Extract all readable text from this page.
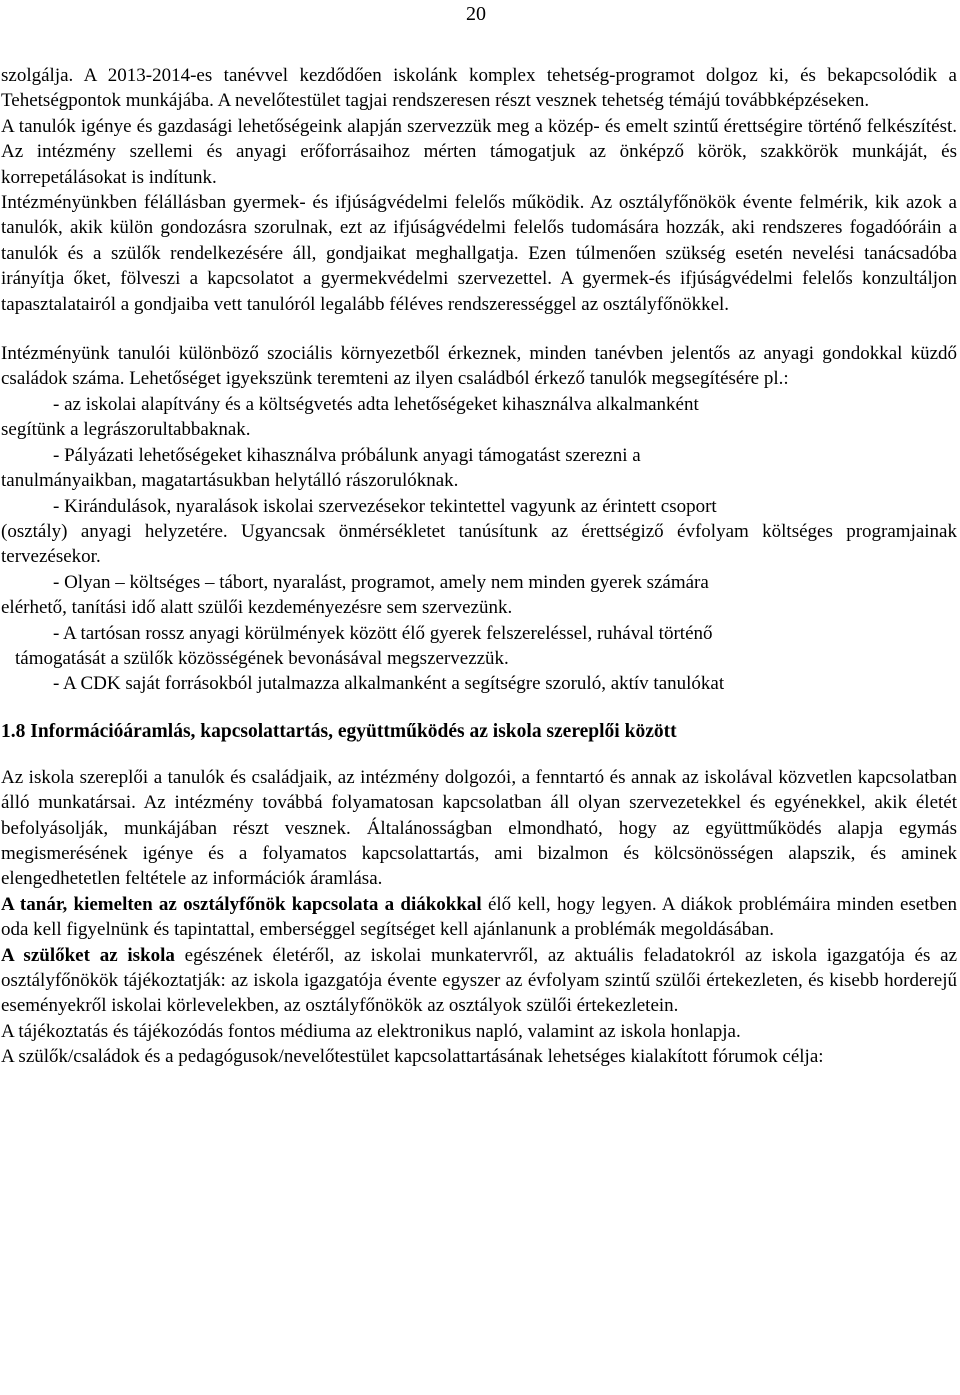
20

szolgálja. A 2013-2014-es tanévvel kezdődően iskolánk komplex tehetség-programot dolgoz ki, és bekapcsolódik a Tehetségpontok munkájába. A nevelőtestület tagjai rendszeresen részt vesznek tehetség témájú továbbképzéseken.

A tanulók igénye és gazdasági lehetőségeink alapján szervezzük meg a közép- és emelt szintű érettségire történő felkészítést. Az intézmény szellemi és anyagi erőforrásaihoz mérten támogatjuk az önképző körök, szakkörök munkáját, és korrepetálásokat is indítunk.

Intézményünkben félállásban gyermek- és ifjúságvédelmi felelős működik. Az osztályfőnökök évente felmérik, kik azok a tanulók, akik külön gondozásra szorulnak, ezt az ifjúságvédelmi felelős tudomására hozzák, aki rendszeres fogadóóráin a tanulók és a szülők rendelkezésére áll, gondjaikat meghallgatja. Ezen túlmenően szükség esetén nevelési tanácsadóba irányítja őket, fölveszi a kapcsolatot a gyermekvédelmi szervezettel. A gyermek-és ifjúságvédelmi felelős konzultáljon tapasztalatairól a gondjaiba vett tanulóról legalább féléves rendszerességgel az osztályfőnökkel.

Intézményünk tanulói különböző szociális környezetből érkeznek, minden tanévben jelentős az anyagi gondokkal küzdő családok száma. Lehetőséget igyekszünk teremteni az ilyen családból érkező tanulók megsegítésére pl.:

- az iskolai alapítvány és a költségvetés adta lehetőségeket kihasználva alkalmanként
segítünk a legrászorultabbaknak.

- Pályázati lehetőségeket kihasználva próbálunk anyagi támogatást szerezni a
tanulmányaikban, magatartásukban helytálló rászorulóknak.

- Kirándulások, nyaralások iskolai szervezésekor tekintettel vagyunk az érintett csoport
(osztály) anyagi helyzetére. Ugyancsak önmérsékletet tanúsítunk az érettségiző évfolyam költséges programjainak tervezésekor.

- Olyan – költséges – tábort, nyaralást, programot, amely nem minden gyerek számára
elérhető, tanítási idő alatt szülői kezdeményezésre sem szervezünk.

- A tartósan rossz anyagi körülmények között élő gyerek felszereléssel, ruhával történő
támogatását a szülők közösségének bevonásával megszervezzük.

- A CDK saját forrásokból jutalmazza alkalmanként a segítségre szoruló, aktív tanulókat

1.8 Információáramlás, kapcsolattartás, együttműködés az iskola szereplői között

Az iskola szereplői a tanulók és családjaik, az intézmény dolgozói, a fenntartó és annak az iskolával közvetlen kapcsolatban álló munkatársai. Az intézmény továbbá folyamatosan kapcsolatban áll olyan szervezetekkel és egyénekkel, akik életét befolyásolják, munkájában részt vesznek. Általánosságban elmondható, hogy az együttműködés alapja egymás megismerésének igénye és a folyamatos kapcsolattartás, ami bizalmon és kölcsönösségen alapszik, és aminek elengedhetetlen feltétele az információk áramlása.

A tanár, kiemelten az osztályfőnök kapcsolata a diákokkal élő kell, hogy legyen. A diákok problémáira minden esetben oda kell figyelnünk és tapintattal, emberséggel segítséget kell ajánlanunk a problémák megoldásában.

A szülőket az iskola egészének életéről, az iskolai munkatervről, az aktuális feladatokról az iskola igazgatója és az osztályfőnökök tájékoztatják: az iskola igazgatója évente egyszer az évfolyam szintű szülői értekezleten, és kisebb horderejű eseményekről iskolai körlevelekben, az osztályfőnökök az osztályok szülői értekezletein.

A tájékoztatás és tájékozódás fontos médiuma az elektronikus napló, valamint az iskola honlapja.

A szülők/családok és a pedagógusok/nevelőtestület kapcsolattartásának lehetséges kialakított fórumok célja:
